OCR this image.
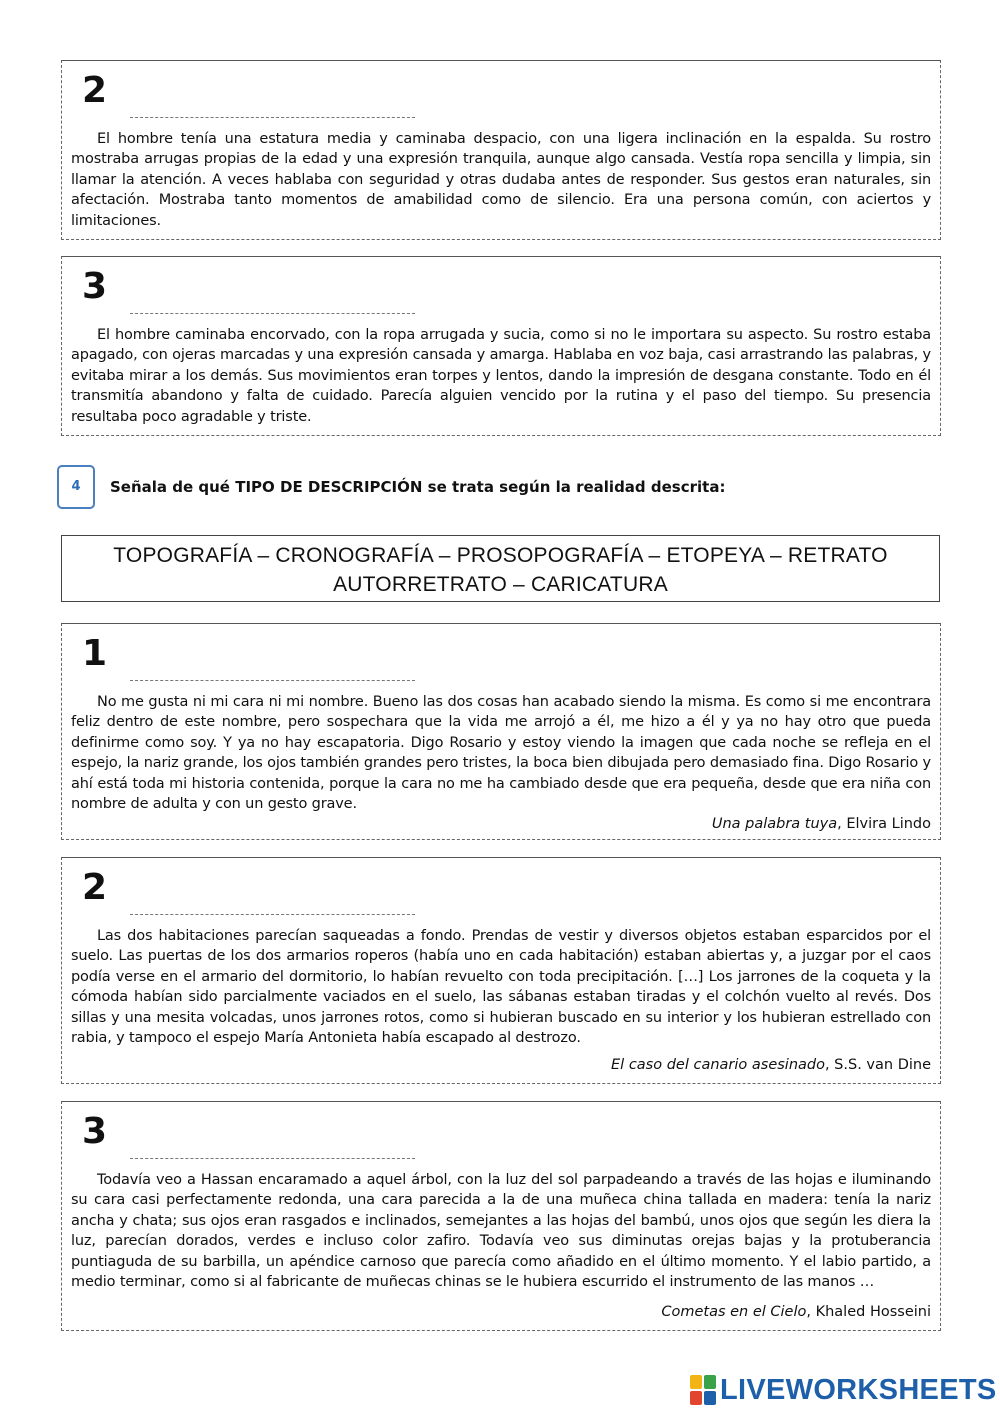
2
El hombre tenía una estatura media y caminaba despacio, con una ligera inclinación en la espalda. Su rostro mostraba arrugas propias de la edad y una expresión tranquila, aunque algo cansada. Vestía ropa sencilla y limpia, sin llamar la atención. A veces hablaba con seguridad y otras dudaba antes de responder. Sus gestos eran naturales, sin afectación. Mostraba tanto momentos de amabilidad como de silencio. Era una persona común, con aciertos y limitaciones.
3
El hombre caminaba encorvado, con la ropa arrugada y sucia, como si no le importara su aspecto. Su rostro estaba apagado, con ojeras marcadas y una expresión cansada y amarga. Hablaba en voz baja, casi arrastrando las palabras, y evitaba mirar a los demás. Sus movimientos eran torpes y lentos, dando la impresión de desgana constante. Todo en él transmitía abandono y falta de cuidado. Parecía alguien vencido por la rutina y el paso del tiempo. Su presencia resultaba poco agradable y triste.
4	Señala de qué TIPO DE DESCRIPCIÓN se trata según la realidad descrita:
TOPOGRAFÍA – CRONOGRAFÍA – PROSOPOGRAFÍA – ETOPEYA – RETRATO
AUTORRETRATO – CARICATURA
1
No me gusta ni mi cara ni mi nombre. Bueno las dos cosas han acabado siendo la misma. Es como si me encontrara feliz dentro de este nombre, pero sospechara que la vida me arrojó a él, me hizo a él y ya no hay otro que pueda definirme como soy. Y ya no hay escapatoria. Digo Rosario y estoy viendo la imagen que cada noche se refleja en el espejo, la nariz grande, los ojos también grandes pero tristes, la boca bien dibujada pero demasiado fina. Digo Rosario y ahí está toda mi historia contenida, porque la cara no me ha cambiado desde que era pequeña, desde que era niña con nombre de adulta y con un gesto grave.
Una palabra tuya, Elvira Lindo
2
Las dos habitaciones parecían saqueadas a fondo. Prendas de vestir y diversos objetos estaban esparcidos por el suelo. Las puertas de los dos armarios roperos (había uno en cada habitación) estaban abiertas y, a juzgar por el caos podía verse en el armario del dormitorio, lo habían revuelto con toda precipitación. […] Los jarrones de la coqueta y la cómoda habían sido parcialmente vaciados en el suelo, las sábanas estaban tiradas y el colchón vuelto al revés. Dos sillas y una mesita volcadas, unos jarrones rotos, como si hubieran buscado en su interior y los hubieran estrellado con rabia, y tampoco el espejo María Antonieta había escapado al destrozo.
El caso del canario asesinado, S.S. van Dine
3
Todavía veo a Hassan encaramado a aquel árbol, con la luz del sol parpadeando a través de las hojas e iluminando su cara casi perfectamente redonda, una cara parecida a la de una muñeca china tallada en madera: tenía la nariz ancha y chata; sus ojos eran rasgados e inclinados, semejantes a las hojas del bambú, unos ojos que según les diera la luz, parecían dorados, verdes e incluso color zafiro. Todavía veo sus diminutas orejas bajas y la protuberancia puntiaguda de su barbilla, un apéndice carnoso que parecía como añadido en el último momento. Y el labio partido, a medio terminar, como si al fabricante de muñecas chinas se le hubiera escurrido el instrumento de las manos …
Cometas en el Cielo, Khaled Hosseini
LIVEWORKSHEETS
